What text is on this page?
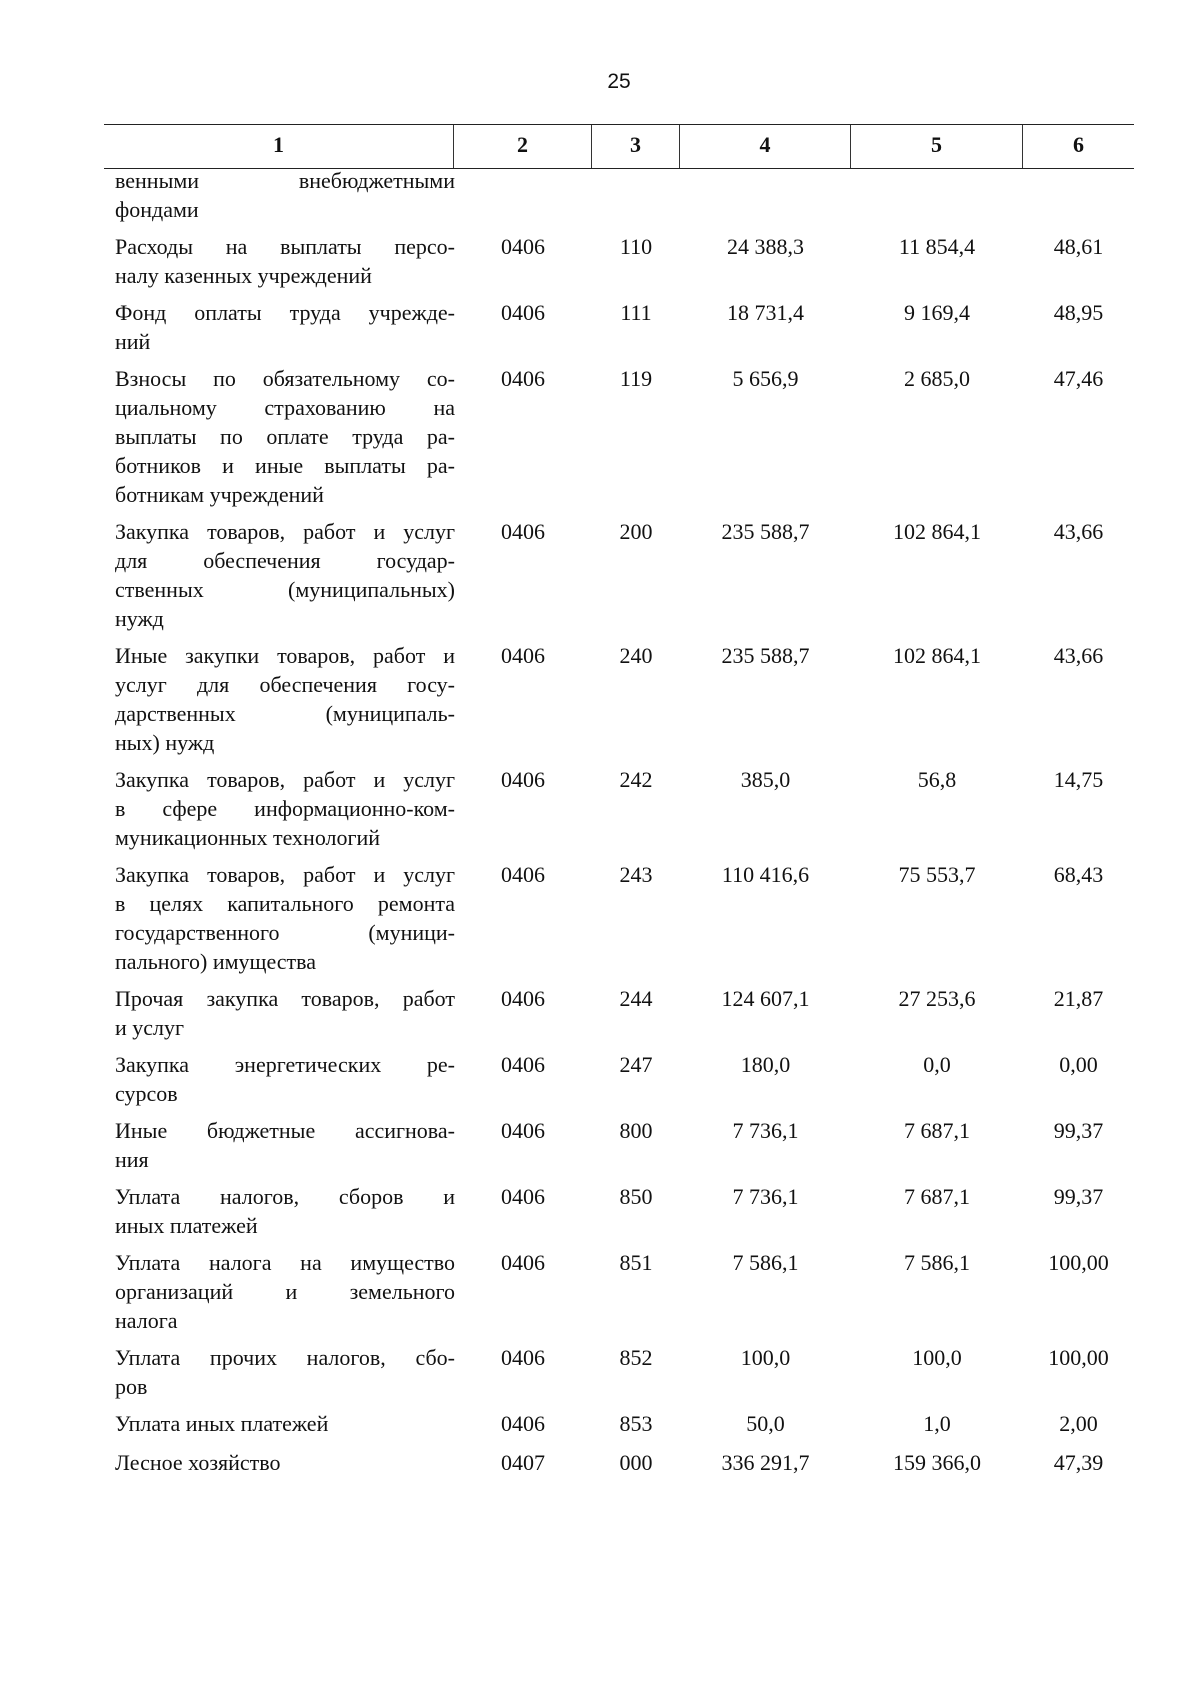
25
1	2	3	4	5	6
венными внебюджетными
фондами
Расходы на выплаты персо-
налу казенных учреждений
0406	110	24 388,3	11 854,4	48,61
Фонд оплаты труда учрежде-
ний
0406	111	18 731,4	9 169,4	48,95
Взносы по обязательному со-
циальному страхованию на
выплаты по оплате труда ра-
ботников и иные выплаты ра-
ботникам учреждений
0406	119	5 656,9	2 685,0	47,46
Закупка товаров, работ и услуг
для обеспечения государ-
ственных (муниципальных)
нужд
0406	200	235 588,7	102 864,1	43,66
Иные закупки товаров, работ и
услуг для обеспечения госу-
дарственных (муниципаль-
ных) нужд
0406	240	235 588,7	102 864,1	43,66
Закупка товаров, работ и услуг
в сфере информационно-ком-
муникационных технологий
0406	242	385,0	56,8	14,75
Закупка товаров, работ и услуг
в целях капитального ремонта
государственного (муници-
пального) имущества
0406	243	110 416,6	75 553,7	68,43
Прочая закупка товаров, работ
и услуг
0406	244	124 607,1	27 253,6	21,87
Закупка энергетических ре-
сурсов
0406	247	180,0	0,0	0,00
Иные бюджетные ассигнова-
ния
0406	800	7 736,1	7 687,1	99,37
Уплата налогов, сборов и
иных платежей
0406	850	7 736,1	7 687,1	99,37
Уплата налога на имущество
организаций и земельного
налога
0406	851	7 586,1	7 586,1	100,00
Уплата прочих налогов, сбо-
ров
0406	852	100,0	100,0	100,00
Уплата иных платежей	0406	853	50,0	1,0	2,00
Лесное хозяйство	0407	000	336 291,7	159 366,0	47,39
